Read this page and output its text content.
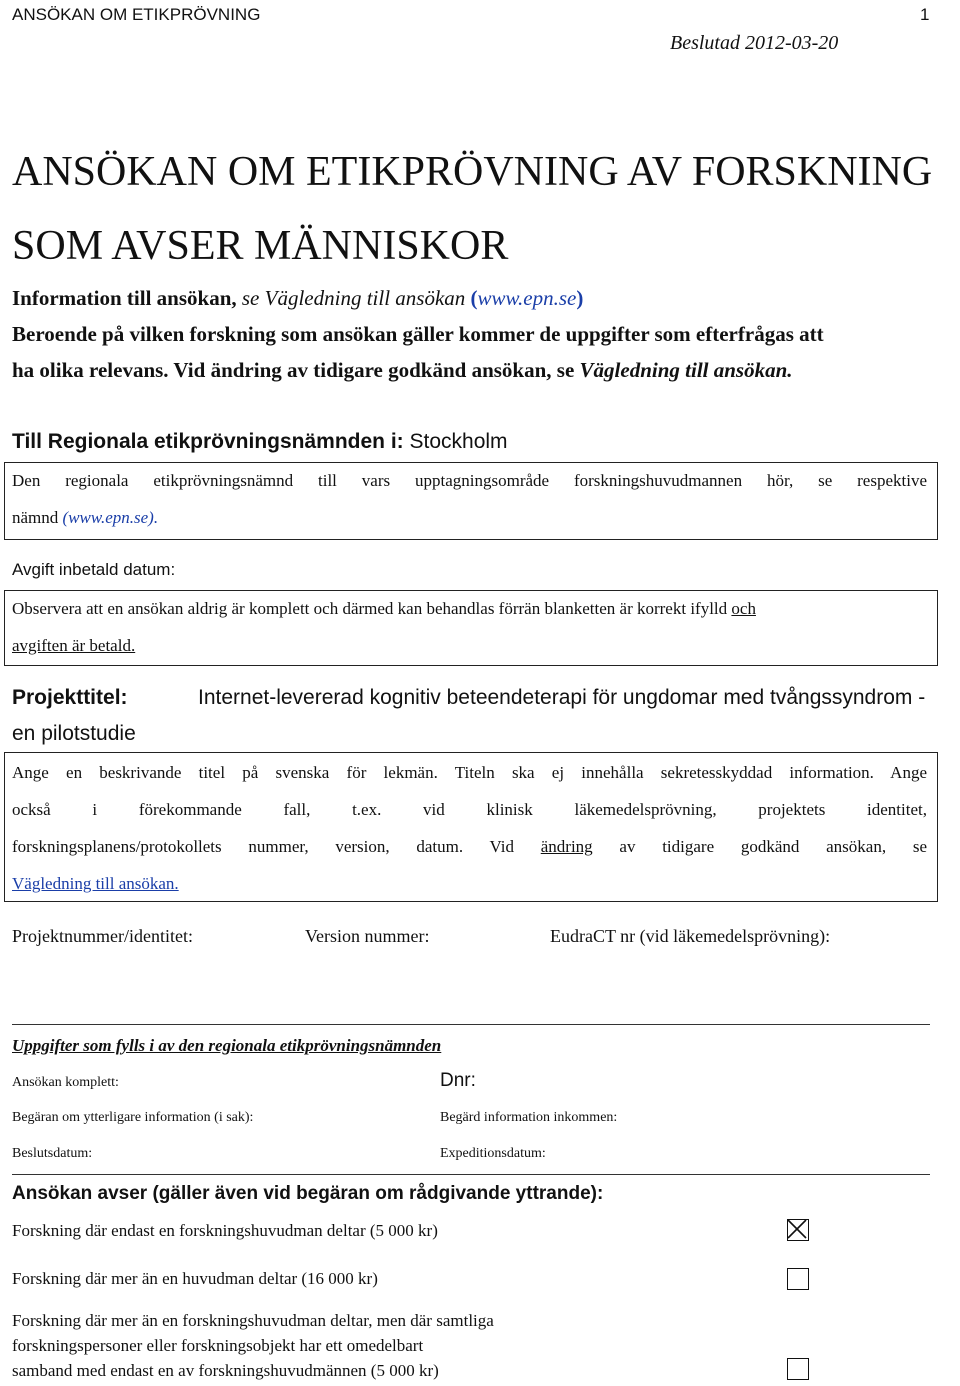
ANSÖKAN OM ETIKPRÖVNING	1
Beslutad 2012-03-20
ANSÖKAN OM ETIKPRÖVNING AV FORSKNING
SOM AVSER MÄNNISKOR
Information till ansökan, se Vägledning till ansökan (www.epn.se)
Beroende på vilken forskning som ansökan gäller kommer de uppgifter som efterfrågas att
ha olika relevans. Vid ändring av tidigare godkänd ansökan, se Vägledning till ansökan.
Till Regionala etikprövningsnämnden i: Stockholm
Den regionala etikprövningsnämnd till vars upptagningsområde forskningshuvudmannen hör, se respektive
nämnd (www.epn.se).
Avgift inbetald datum:
Observera att en ansökan aldrig är komplett och därmed kan behandlas förrän blanketten är korrekt ifylld och
avgiften är betald.
Projekttitel:	Internet-levererad kognitiv beteendeterapi för ungdomar med tvångssyndrom -
en pilotstudie
Ange en beskrivande titel på svenska för lekmän. Titeln ska ej innehålla sekretesskyddad information. Ange
också i förekommande fall, t.ex. vid klinisk läkemedelsprövning, projektets identitet,
forskningsplanens/protokollets nummer, version, datum. Vid ändring av tidigare godkänd ansökan, se
Vägledning till ansökan.
Projektnummer/identitet:	Version nummer:	EudraCT nr (vid läkemedelsprövning):
Uppgifter som fylls i av den regionala etikprövningsnämnden
Ansökan komplett:	Dnr:
Begäran om ytterligare information (i sak):	Begärd information inkommen:
Beslutsdatum:	Expeditionsdatum:
Ansökan avser (gäller även vid begäran om rådgivande yttrande):
Forskning där endast en forskningshuvudman deltar (5 000 kr)
Forskning där mer än en huvudman deltar (16 000 kr)
Forskning där mer än en forskningshuvudman deltar, men där samtliga
forskningspersoner eller forskningsobjekt har ett omedelbart
samband med endast en av forskningshuvudmännen (5 000 kr)
